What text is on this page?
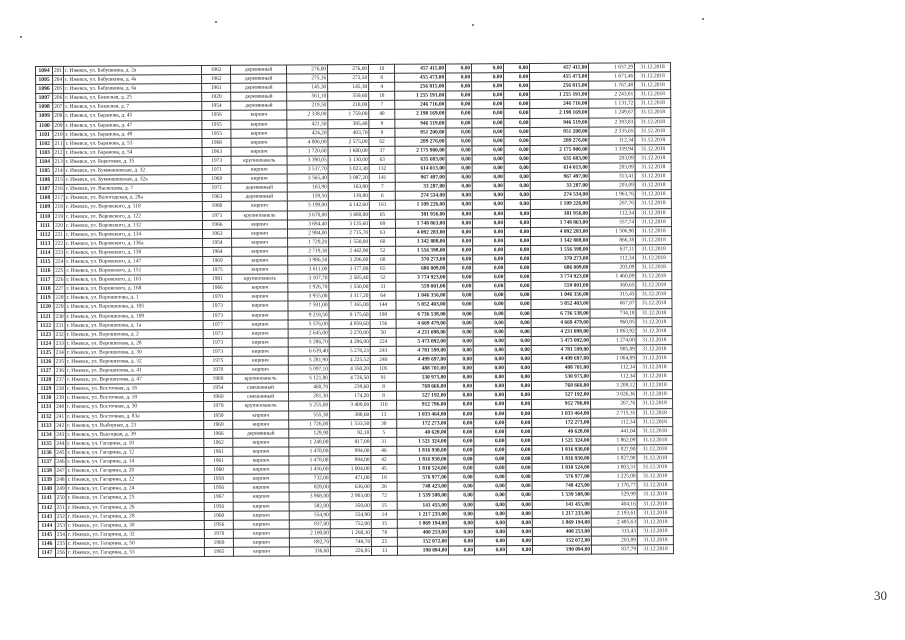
1094	201	г. Ижевск, ул. Бабушкина, д. 2а	1962	деревянный	276,00	276,00	10	457 411,00	0,00	0,00	0,00	457 411,00	1 657,29	31.12.2018
1095	204	г. Ижевск, ул. Бабушкина, д. 4а	1962	деревянный	275,16	272,50	8	455 473,00	0,00	0,00	0,00	455 473,00	1 671,46	31.12.2018
1096	205	г. Ижевск, ул. Бабушкина, д. 6а	1961	деревянный	145,30	145,30	4	256 815,00	0,00	0,00	0,00	256 815,00	1 767,48	31.12.2018
1097	206	г. Ижевск, ул. Базисная, д. 25	1920	деревянный	561,10	559,60	18	1 255 191,00	0,00	0,00	0,00	1 255 191,00	2 243,01	31.12.2018
1098	207	г. Ижевск, ул. Базисная, д. 7	1954	деревянный	219,50	218,00	7	246 716,00	0,00	0,00	0,00	246 716,00	1 131,72	31.12.2018
1099	208	г. Ижевск, ул. Баранова, д. 45	1956	кирпич	2 338,00	1 759,00	40	2 198 169,00	0,00	0,00	0,00	2 198 169,00	1 249,67	31.12.2018
1100	209	г. Ижевск, ул. Баранова, д. 47	1955	кирпич	421,50	395,40	9	946 519,00	0,00	0,00	0,00	946 519,00	2 393,83	31.12.2018
1101	210	г. Ижевск, ул. Баранова, д. 49	1955	кирпич	424,20	403,70	9	951 200,00	0,00	0,00	0,00	951 200,00	2 335,65	31.12.2018
1102	211	г. Ижевск, ул. Баранова, д. 53	1968	кирпич	4 006,00	2 575,00	62	289 276,00	0,00	0,00	0,00	289 276,00	112,34	31.12.2018
1103	212	г. Ижевск, ул. Баранова, д. 54	1963	кирпич	1 720,60	1 600,00	37	2 175 900,00	0,00	0,00	0,00	2 175 900,00	1 359,94	31.12.2018
1104	213	г. Ижевск, ул. Береговая, д. 35	1973	крупнопанель	3 390,05	3 130,00	63	635 683,00	0,00	0,00	0,00	635 683,00	203,09	31.12.2018
1105	214	г. Ижевск, ул. Буммашевская, д. 32	1971	кирпич	3 537,70	3 023,30	132	614 013,00	0,00	0,00	0,00	614 013,00	203,09	31.12.2018
1106	215	г. Ижевск, ул. Буммашевская, д. 32а	1969	кирпич	3 565,40	3 087,20	141	967 497,00	0,00	0,00	0,00	967 497,00	313,41	31.12.2018
1107	216	г. Ижевск, ул. Васнецова, д. 7	1971	деревянный	163,90	163,90	7	33 287,00	0,00	0,00	0,00	33 287,00	203,09	31.12.2018
1108	217	г. Ижевск, ул. Вологодская, д. 28а	1963	деревянный	159,50	139,80	6	274 534,00	0,00	0,00	0,00	274 534,00	1 963,76	31.12.2018
1109	218	г. Ижевск, ул. Воровского, д. 118	1980	кирпич	5 199,00	4 142,60	161	1 109 226,00	0,00	0,00	0,00	1 109 226,00	267,76	31.12.2018
1110	219	г. Ижевск, ул. Воровского, д. 122	1971	крупнопанель	3 670,00	3 400,00	65	381 956,00	0,00	0,00	0,00	381 956,00	112,34	31.12.2018
1111	220	г. Ижевск, ул. Воровского, д. 132	1966	кирпич	3 694,40	3 135,60	69	1 748 863,00	0,00	0,00	0,00	1 748 863,00	557,74	31.12.2018
1112	221	г. Ижевск, ул. Воровского, д. 134	1963	кирпич	2 984,00	2 715,70	63	4 092 283,00	0,00	0,00	0,00	4 092 283,00	1 506,90	31.12.2018
1113	222	г. Ижевск, ул. Воровского, д. 136а	1954	кирпич	1 729,20	1 550,00	60	1 342 888,00	0,00	0,00	0,00	1 342 888,00	866,38	31.12.2018
1114	223	г. Ижевск, ул. Воровского, д. 138	1964	кирпич	2 719,30	2 442,90	52	1 556 398,00	0,00	0,00	0,00	1 556 398,00	637,11	31.12.2018
1115	224	г. Ижевск, ул. Воровского, д. 147	1969	кирпич	3 986,50	3 296,00	68	370 273,00	0,00	0,00	0,00	370 273,00	112,34	31.12.2018
1116	225	г. Ижевск, ул. Воровского, д. 151	1975	кирпич	3 611,00	3 377,80	65	686 009,00	0,00	0,00	0,00	686 009,00	203,09	31.12.2018
1117	226	г. Ижевск, ул. Воровского, д. 163	1981	крупнопанель	3 107,70	2 585,40	52	3 774 923,00	0,00	0,00	0,00	3 774 923,00	1 460,09	31.12.2018
1118	227	г. Ижевск, ул. Воровского, д. 168	1966	кирпич	1 926,70	1 550,00	31	559 001,00	0,00	0,00	0,00	559 001,00	360,65	31.12.2018
1119	228	г. Ижевск, ул. Ворошилова, д. 1	1970	кирпич	3 955,00	3 317,20	64	1 046 356,00	0,00	0,00	0,00	1 046 356,00	315,43	31.12.2018
1120	229	г. Ижевск, ул. Ворошилова, д. 105	1973	кирпич	7 591,00	7 165,00	144	5 052 403,00	0,00	0,00	0,00	5 052 403,00	667,87	31.12.2018
1121	230	г. Ижевск, ул. Ворошилова, д. 109	1973	кирпич	9 218,50	9 175,60	190	6 736 538,00	0,00	0,00	0,00	6 736 538,00	734,18	31.12.2018
1122	231	г. Ижевск, ул. Ворошилова, д. 1а	1977	кирпич	5 576,00	4 859,60	156	4 669 479,00	0,00	0,00	0,00	4 669 479,00	960,85	31.12.2018
1123	232	г. Ижевск, ул. Ворошилова, д. 2	1973	кирпич	2 645,00	2 270,00	50	4 231 098,00	0,00	0,00	0,00	4 231 098,00	1 863,92	31.12.2018
1124	233	г. Ижевск, ул. Ворошилова, д. 28	1973	кирпич	5 286,70	4 296,00	224	5 473 092,00	0,00	0,00	0,00	5 473 092,00	1 274,00	31.12.2018
1125	234	г. Ижевск, ул. Ворошилова, д. 30	1973	кирпич	6 639,40	5 278,23	243	4 781 599,00	0,00	0,00	0,00	4 781 599,00	905,89	31.12.2018
1126	235	г. Ижевск, ул. Ворошилова, д. 32	1975	кирпич	5 281,90	4 225,52	240	4 499 697,00	0,00	0,00	0,00	4 499 697,00	1 064,89	31.12.2018
1127	236	г. Ижевск, ул. Ворошилова, д. 41	1970	кирпич	5 097,10	4 350,20	105	488 701,00	0,00	0,00	0,00	488 701,00	112,34	31.12.2018
1128	237	г. Ижевск, ул. Ворошилова, д. 47	1969	крупнопанель	5 121,80	4 726,50	91	530 975,00	0,00	0,00	0,00	530 975,00	112,34	31.12.2018
1129	238	г. Ижевск, ул. Восточная, д. 16	1954	смешанный	460,70	239,60	8	768 666,00	0,00	0,00	0,00	768 666,00	3 208,12	31.12.2018
1130	239	г. Ижевск, ул. Восточная, д. 18	1960	смешанный	281,30	174,20	8	527 192,00	0,00	0,00	0,00	527 192,00	3 026,36	31.12.2018
1131	240	г. Ижевск, ул. Восточная, д. 30	1979	крупнопанель	5 255,00	3 409,00	110	912 796,00	0,00	0,00	0,00	912 796,00	267,76	31.12.2018
1132	241	г. Ижевск, ул. Восточная, д. 83а	1959	кирпич	555,30	380,60	13	1 033 464,00	0,00	0,00	0,00	1 033 464,00	2 715,35	31.12.2018
1133	242	г. Ижевск, ул. Выборная, д. 23	1969	кирпич	1 726,00	1 533,50	30	172 273,00	0,00	0,00	0,00	172 273,00	112,34	31.12.2018
1134	243	г. Ижевск, ул. Высоцкая, д. 39	1966	деревянный	129,90	92,10	5	40 620,00	0,00	0,00	0,00	40 620,00	441,04	31.12.2018
1135	244	г. Ижевск, ул. Гагарина, д. 10	1962	кирпич	1 248,00	817,00	31	1 521 324,00	0,00	0,00	0,00	1 521 324,00	1 862,09	31.12.2018
1136	245	г. Ижевск, ул. Гагарина, д. 12	1961	кирпич	1 478,00	994,00	46	1 816 930,00	0,00	0,00	0,00	1 816 930,00	1 827,90	31.12.2018
1137	246	г. Ижевск, ул. Гагарина, д. 14	1961	кирпич	1 478,00	994,00	42	1 816 930,00	0,00	0,00	0,00	1 816 930,00	1 827,90	31.12.2018
1138	247	г. Ижевск, ул. Гагарина, д. 20	1960	кирпич	1 456,00	1 004,00	45	1 810 524,00	0,00	0,00	0,00	1 810 524,00	1 803,31	31.12.2018
1139	248	г. Ижевск, ул. Гагарина, д. 22	1958	кирпич	732,00	471,00	18	576 977,00	0,00	0,00	0,00	576 977,00	1 225,00	31.12.2018
1140	249	г. Ижевск, ул. Гагарина, д. 24	1956	кирпич	828,00	636,00	26	748 423,00	0,00	0,00	0,00	748 423,00	1 176,77	31.12.2018
1141	250	г. Ижевск, ул. Гагарина, д. 25	1967	кирпич	3 968,00	2 903,00	72	1 539 508,00	0,00	0,00	0,00	1 539 508,00	529,99	31.12.2018
1142	251	г. Ижевск, ул. Гагарина, д. 26	1956	кирпич	582,00	350,00	15	141 455,00	0,00	0,00	0,00	141 455,00	404,16	31.12.2018
1143	252	г. Ижевск, ул. Гагарина, д. 28	1960	кирпич	554,90	554,90	14	1 217 233,00	0,00	0,00	0,00	1 217 233,00	2 193,61	31.12.2018
1144	253	г. Ижевск, ул. Гагарина, д. 30	1956	кирпич	837,00	752,00	15	1 869 194,00	0,00	0,00	0,00	1 869 194,00	2 485,63	31.12.2018
1145	254	г. Ижевск, ул. Гагарина, д. 32	1970	кирпич	2 100,00	1 268,30	78	400 253,00	0,00	0,00	0,00	400 253,00	315,43	31.12.2018
1146	255	г. Ижевск, ул. Гагарина, д. 50	1969	кирпич	892,70	748,78	25	152 072,00	0,00	0,00	0,00	152 072,00	203,09	31.12.2018
1147	256	г. Ижевск, ул. Гагарина, д. 53	1965	кирпич	336,60	226,95	13	190 094,00	0,00	0,00	0,00	190 094,00	837,79	31.12.2018
30
